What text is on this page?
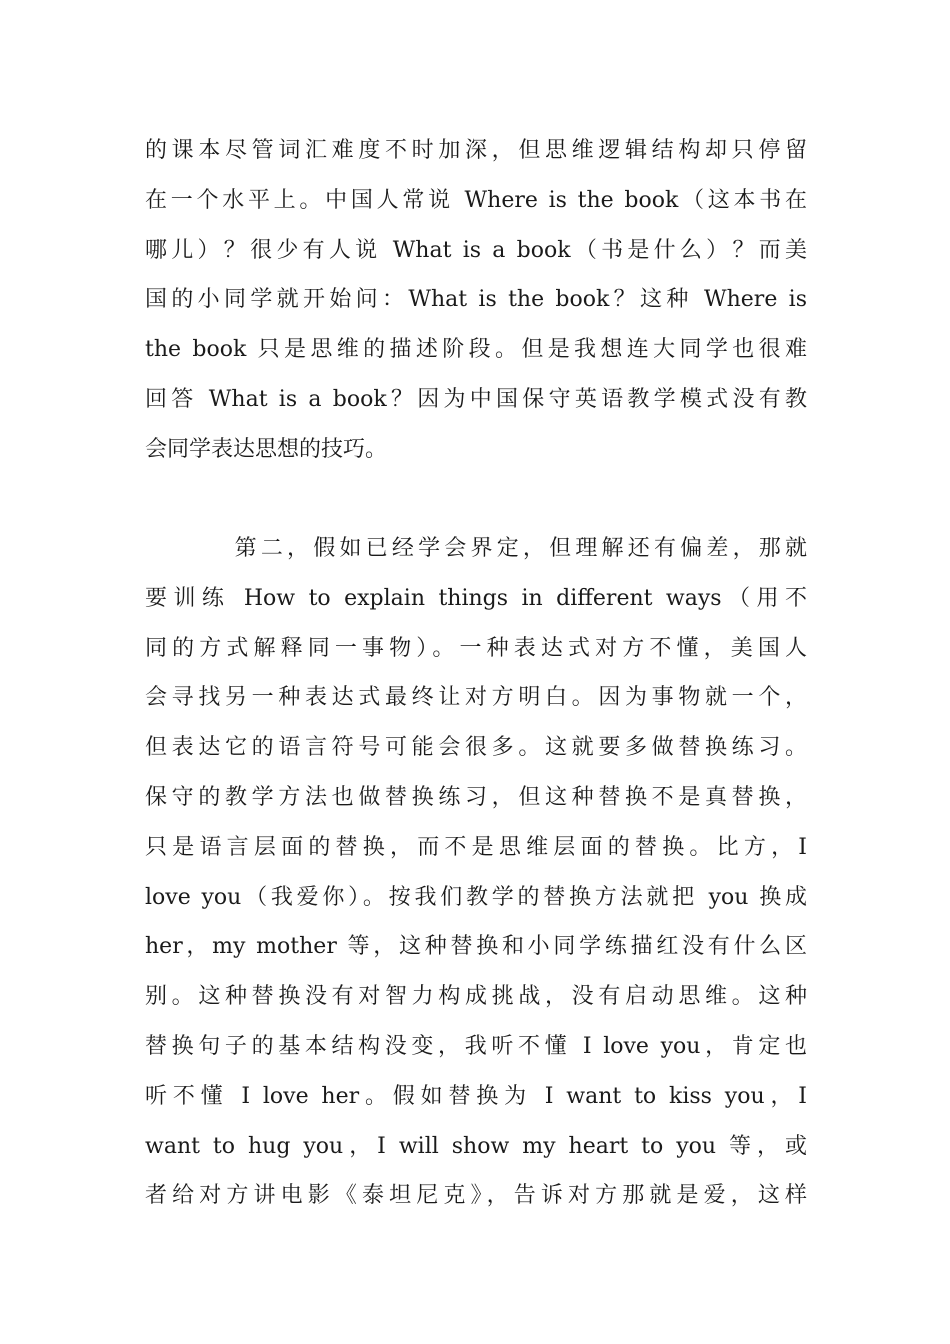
的课本尽管词汇难度不时加深，但思维逻辑结构却只停留
在一个水平上。中国人常说 Where is the book（这本书在
哪儿）？很少有人说 What is a book（书是什么）？而美
国的小同学就开始问：What is the book？这种 Where is
the book 只是思维的描述阶段。但是我想连大同学也很难
回答 What is a book？因为中国保守英语教学模式没有教
会同学表达思想的技巧。
第二，假如已经学会界定，但理解还有偏差，那就
要训练 How to explain things in different ways（用不
同的方式解释同一事物）。一种表达式对方不懂，美国人
会寻找另一种表达式最终让对方明白。因为事物就一个，
但表达它的语言符号可能会很多。这就要多做替换练习。
保守的教学方法也做替换练习，但这种替换不是真替换，
只是语言层面的替换，而不是思维层面的替换。比方，I
love you（我爱你）。按我们教学的替换方法就把 you 换成
her，my mother 等，这种替换和小同学练描红没有什么区
别。这种替换没有对智力构成挑战，没有启动思维。这种
替换句子的基本结构没变，我听不懂 I love you，肯定也
听不懂 I love her。假如替换为 I want to kiss you，I
want to hug you，I will show my heart to you 等，或
者给对方讲电影《泰坦尼克》，告诉对方那就是爱，这样
